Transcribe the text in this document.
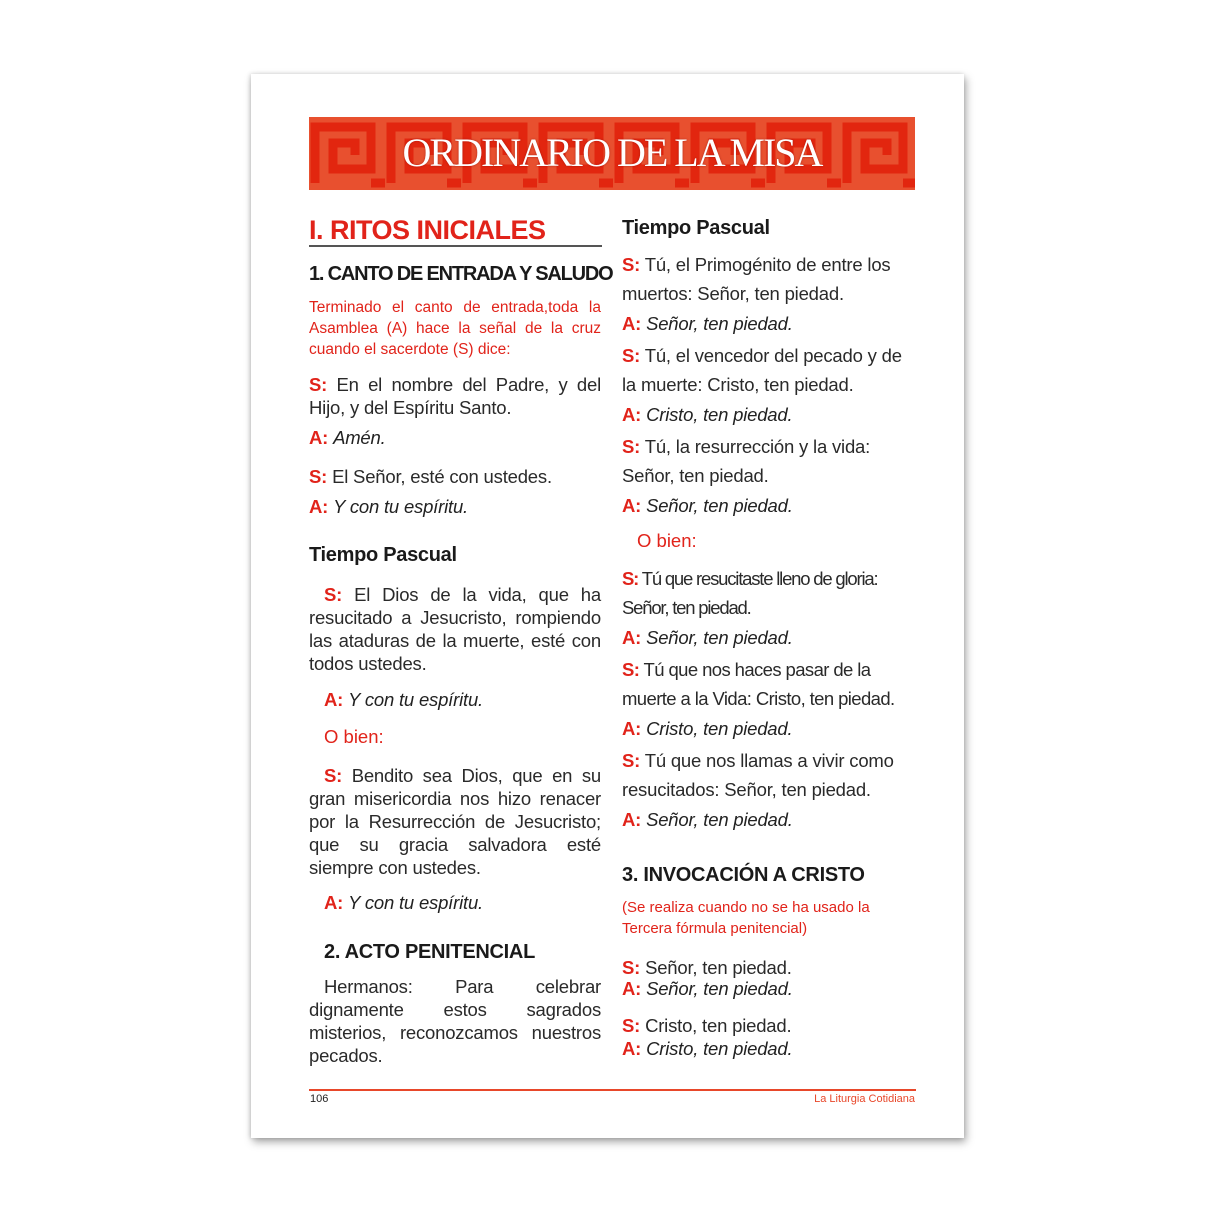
ORDINARIO DE LA MISA
I. RITOS INICIALES
1. CANTO DE ENTRADA Y SALUDO
Terminado el canto de entrada,toda la Asamblea (A) hace la señal de la cruz cuando el sacerdote (S) dice:
S: En el nombre del Padre, y del Hijo, y del Espíritu Santo.
A: Amén.
S: El Señor, esté con ustedes.
A: Y con tu espíritu.
Tiempo Pascual
S: El Dios de la vida, que ha resucitado a Jesucristo, rompiendo las ataduras de la muerte, esté con todos ustedes.
A: Y con tu espíritu.
O bien:
S: Bendito sea Dios, que en su gran misericordia nos hizo renacer por la Resurrección de Jesucristo; que su gracia salvadora esté siempre con ustedes.
A: Y con tu espíritu.
2. ACTO PENITENCIAL
Hermanos: Para celebrar dignamente estos sagrados misterios, reconozcamos nuestros pecados.
Tiempo Pascual
S: Tú, el Primogénito de entre los muertos: Señor, ten piedad.
A: Señor, ten piedad.
S: Tú, el vencedor del pecado y de la muerte: Cristo, ten piedad.
A: Cristo, ten piedad.
S: Tú, la resurrección y la vida: Señor, ten piedad.
A: Señor, ten piedad.
O bien:
S: Tú que resucitaste lleno de gloria: Señor, ten piedad.
A: Señor, ten piedad.
S: Tú que nos haces pasar de la muerte a la Vida: Cristo, ten piedad.
A: Cristo, ten piedad.
S: Tú que nos llamas a vivir como resucitados: Señor, ten piedad.
A: Señor, ten piedad.
3. INVOCACIÓN A CRISTO
(Se realiza cuando no se ha usado la Tercera fórmula penitencial)
S: Señor, ten piedad.
A: Señor, ten piedad.
S: Cristo, ten piedad.
A: Cristo, ten piedad.
106	La Liturgia Cotidiana
